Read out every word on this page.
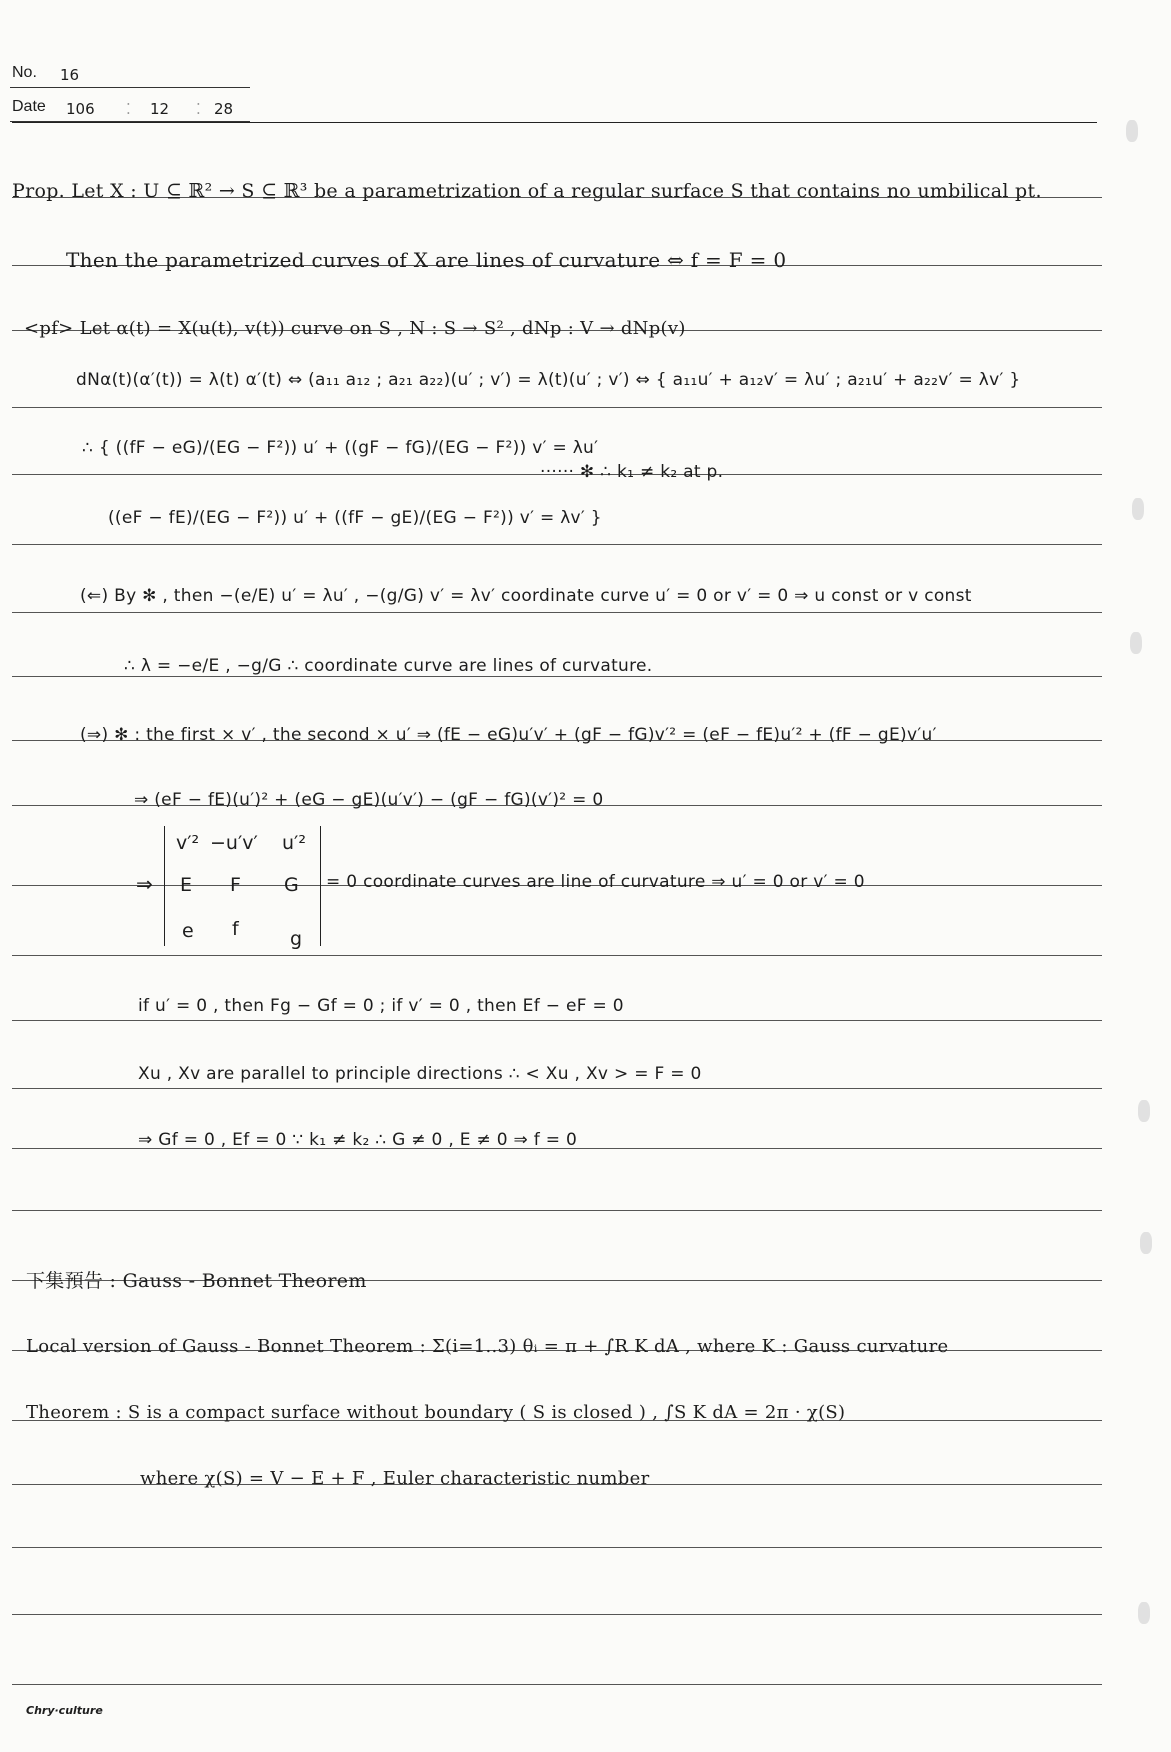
No. 16
Date 106 ⁚ 12 ⁚ 28
Prop. Let X : U ⊆ ℝ² → S ⊆ ℝ³ be a parametrization of a regular surface S that contains no umbilical pt.
Then the parametrized curves of X are lines of curvature ⇔ f = F = 0
<pf> Let α(t) = X(u(t), v(t)) curve on S , N : S → S² , dNp : V → dNp(v)
dNα(t)(α′(t)) = λ(t) α′(t) ⇔ (a₁₁ a₁₂ ; a₂₁ a₂₂)(u′ ; v′) = λ(t)(u′ ; v′) ⇔ { a₁₁u′ + a₁₂v′ = λu′ ; a₂₁u′ + a₂₂v′ = λv′ }
∴ { ((fF − eG)/(EG − F²)) u′ + ((gF − fG)/(EG − F²)) v′ = λu′
······ ✻ ∴ k₁ ≠ k₂ at p.
((eF − fE)/(EG − F²)) u′ + ((fF − gE)/(EG − F²)) v′ = λv′ }
(⇐) By ✻ , then −(e/E) u′ = λu′ , −(g/G) v′ = λv′ coordinate curve u′ = 0 or v′ = 0 ⇒ u const or v const
∴ λ = −e/E , −g/G ∴ coordinate curve are lines of curvature.
(⇒) ✻ : the first × v′ , the second × u′ ⇒ (fE − eG)u′v′ + (gF − fG)v′² = (eF − fE)u′² + (fF − gE)v′u′
⇒ (eF − fE)(u′)² + (eG − gE)(u′v′) − (gF − fG)(v′)² = 0
⇒
v′² −u′v′ u′²
E F G
e f	g
= 0 coordinate curves are line of curvature ⇒ u′ = 0 or v′ = 0
if u′ = 0 , then Fg − Gf = 0 ; if v′ = 0 , then Ef − eF = 0
Xu , Xv are parallel to principle directions ∴ < Xu , Xv > = F = 0
⇒ Gf = 0 , Ef = 0 ∵ k₁ ≠ k₂ ∴ G ≠ 0 , E ≠ 0 ⇒ f = 0
下集預告 : Gauss - Bonnet Theorem
Local version of Gauss - Bonnet Theorem : Σ(i=1..3) θᵢ = π + ∫R K dA , where K : Gauss curvature
Theorem : S is a compact surface without boundary ( S is closed ) , ∫S K dA = 2π · χ(S)
where χ(S) = V − E + F , Euler characteristic number
Chry·culture
